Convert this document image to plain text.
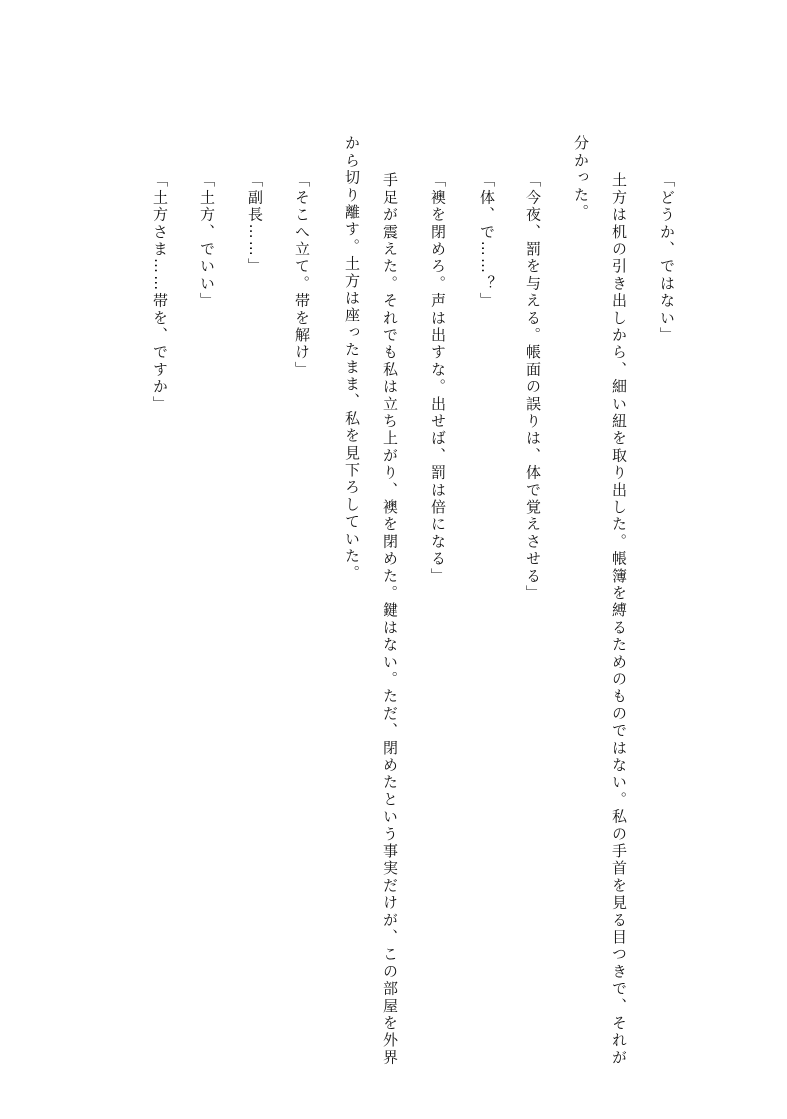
「どうか、ではない」

土方は机の引き出しから、細い紐を取り出した。帳簿を縛るためのものではない。私の手首を見る目つきで、それが

分かった。

「今夜、罰を与える。帳面の誤りは、体で覚えさせる」

「体、で……？」

「襖を閉めろ。声は出すな。出せば、罰は倍になる」

手足が震えた。それでも私は立ち上がり、襖を閉めた。鍵はない。ただ、閉めたという事実だけが、この部屋を外界

から切り離す。土方は座ったまま、私を見下ろしていた。

「そこへ立て。帯を解け」

「副長……」

「土方、でいい」

「土方さま……帯を、ですか」
